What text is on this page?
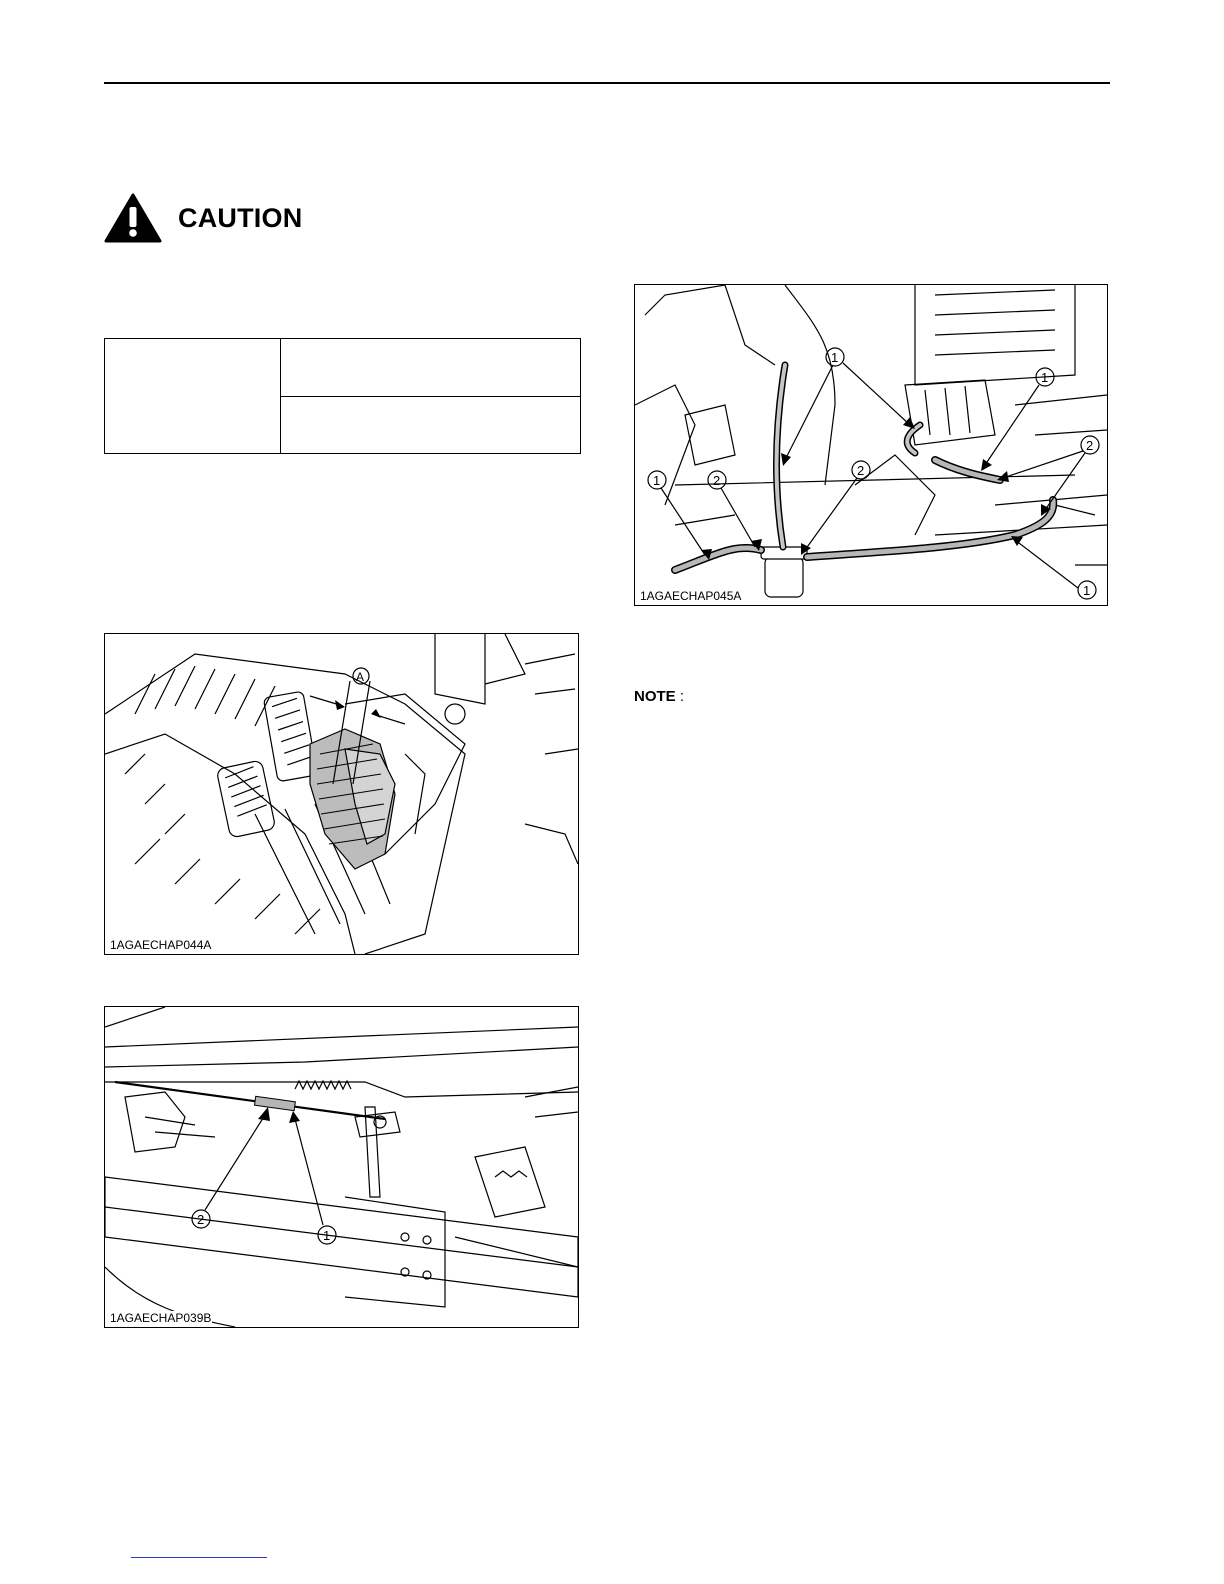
CAUTION

A
1AGAECHAP044A
2
1
1AGAECHAP039B
1
1
2
2
2
1
1
1AGAECHAP045A
NOTE :
